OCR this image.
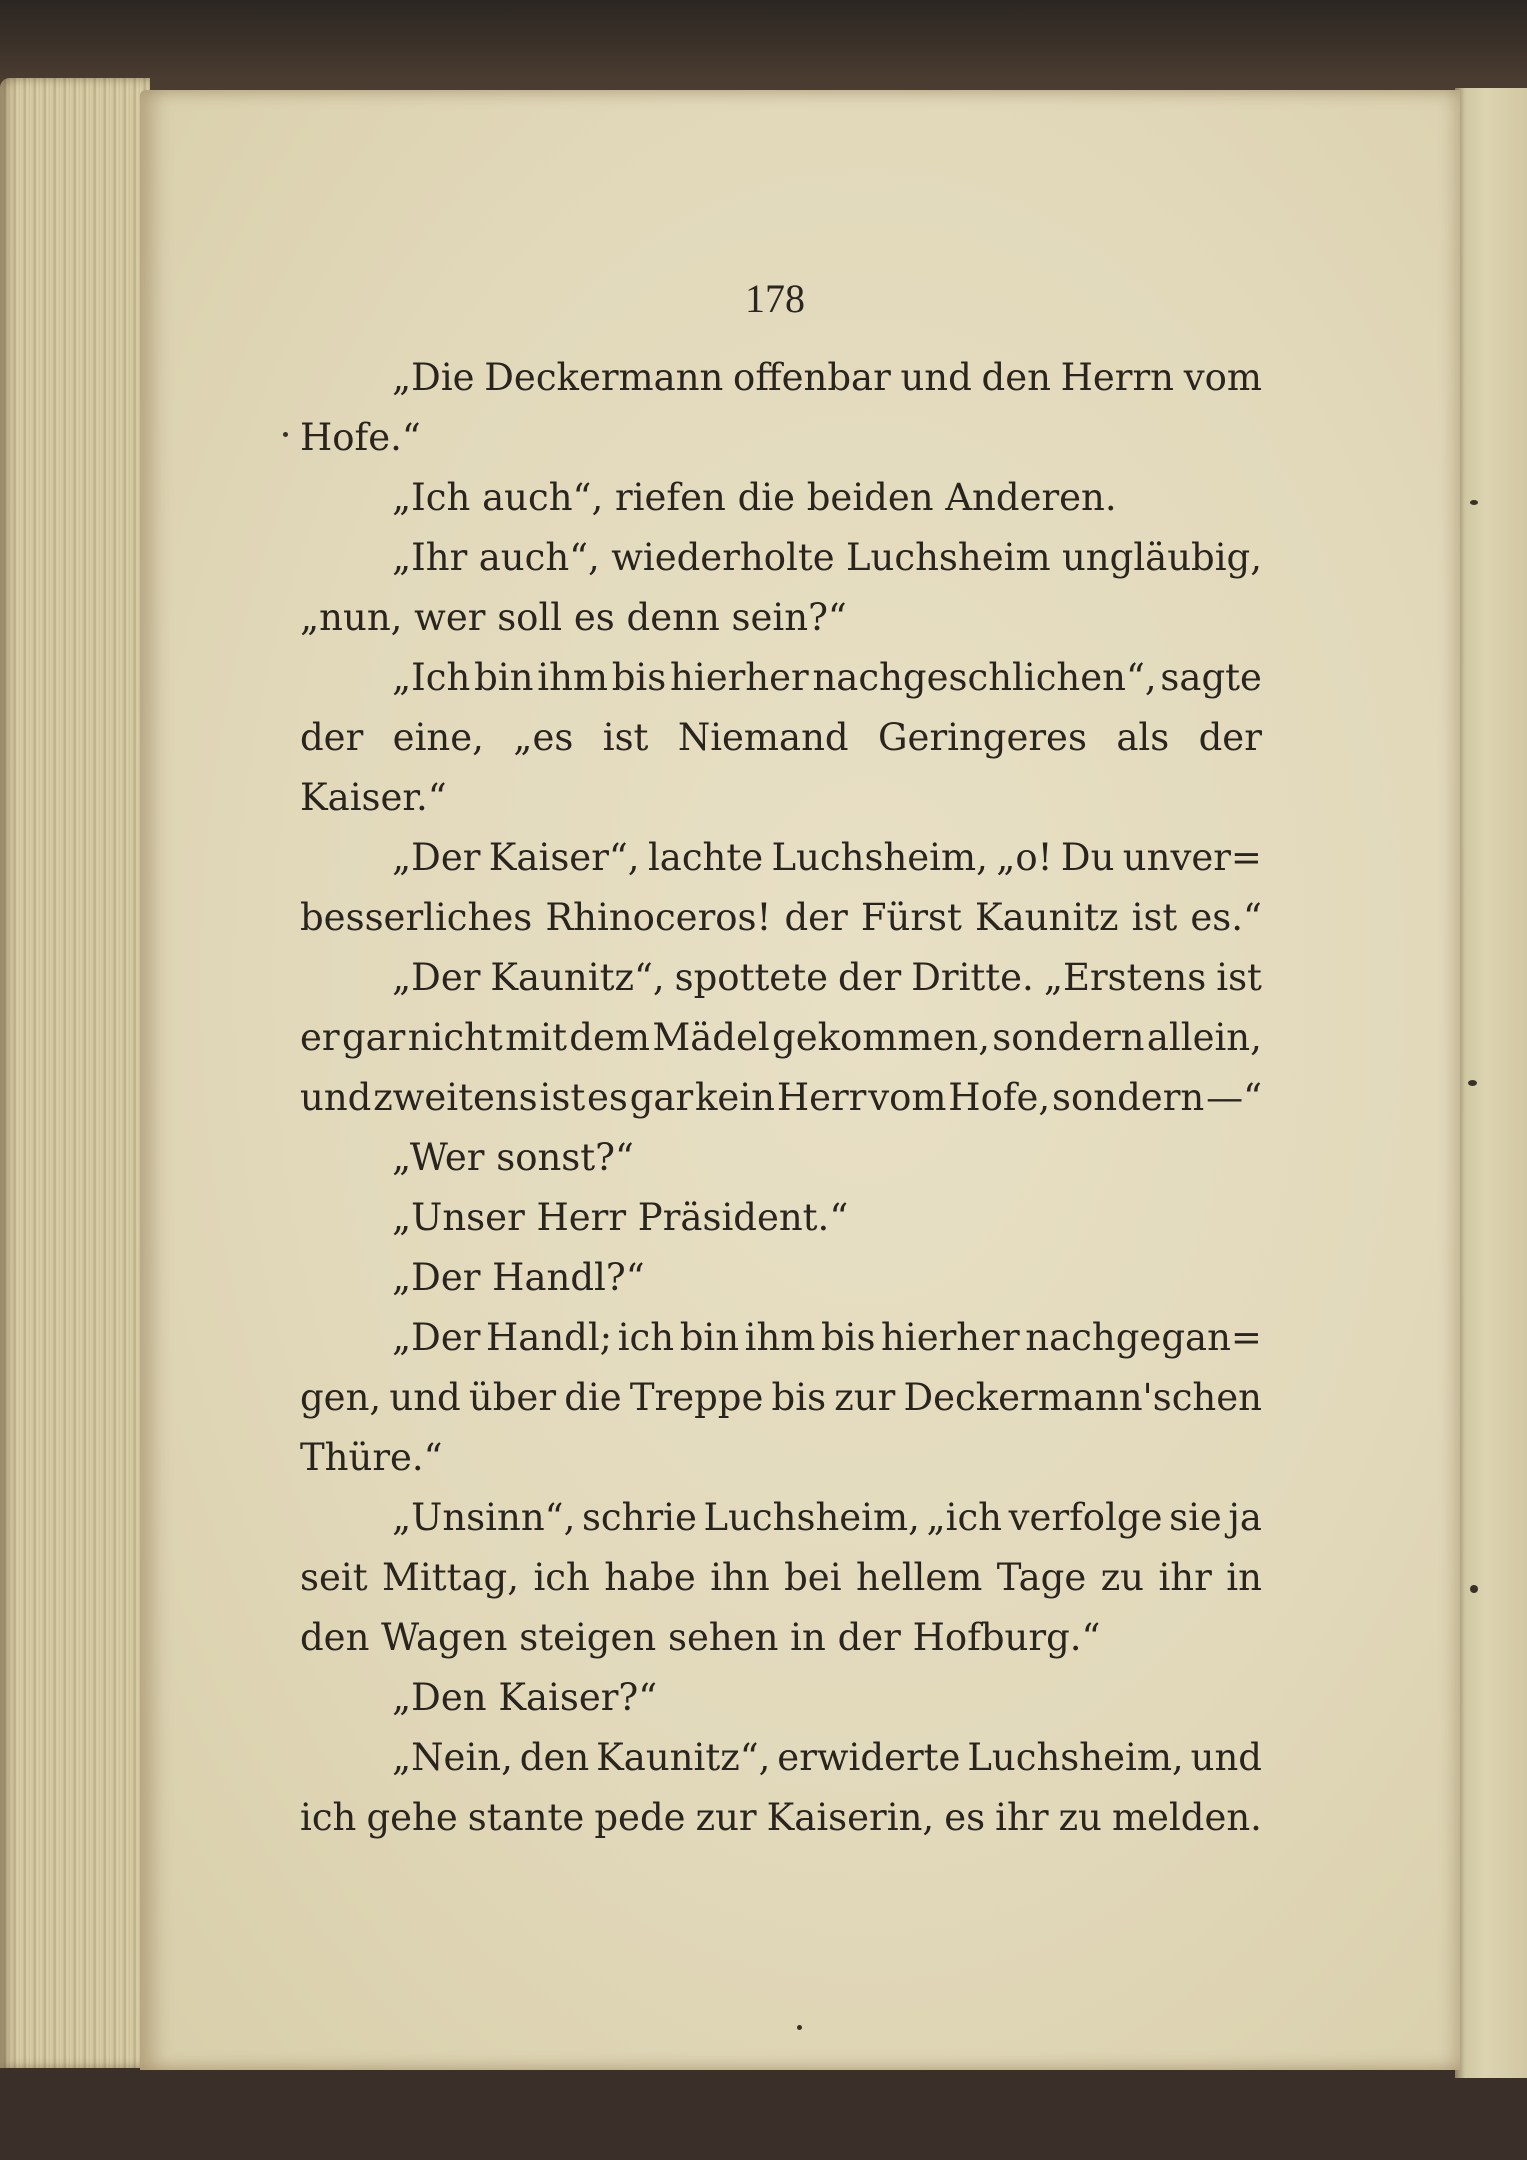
178
„Die Deckermann offenbar und den Herrn vom
Hofe.“
„Ich auch“, riefen die beiden Anderen.
„Ihr auch“, wiederholte Luchsheim ungläubig,
„nun, wer soll es denn sein?“
„Ich bin ihm bis hierher nachgeschlichen“, sagte
der eine, „es ist Niemand Geringeres als der
Kaiser.“
„Der Kaiser“, lachte Luchsheim, „o! Du unver=
besserliches Rhinoceros! der Fürst Kaunitz ist es.“
„Der Kaunitz“, spottete der Dritte. „Erstens ist
er gar nicht mit dem Mädel gekommen, sondern allein,
und zweitens ist es gar kein Herr vom Hofe, sondern —“
„Wer sonst?“
„Unser Herr Präsident.“
„Der Handl?“
„Der Handl; ich bin ihm bis hierher nachgegan=
gen, und über die Treppe bis zur Deckermann'schen
Thüre.“
„Unsinn“, schrie Luchsheim, „ich verfolge sie ja
seit Mittag, ich habe ihn bei hellem Tage zu ihr in
den Wagen steigen sehen in der Hofburg.“
„Den Kaiser?“
„Nein, den Kaunitz“, erwiderte Luchsheim, und
ich gehe stante pede zur Kaiserin, es ihr zu melden.
